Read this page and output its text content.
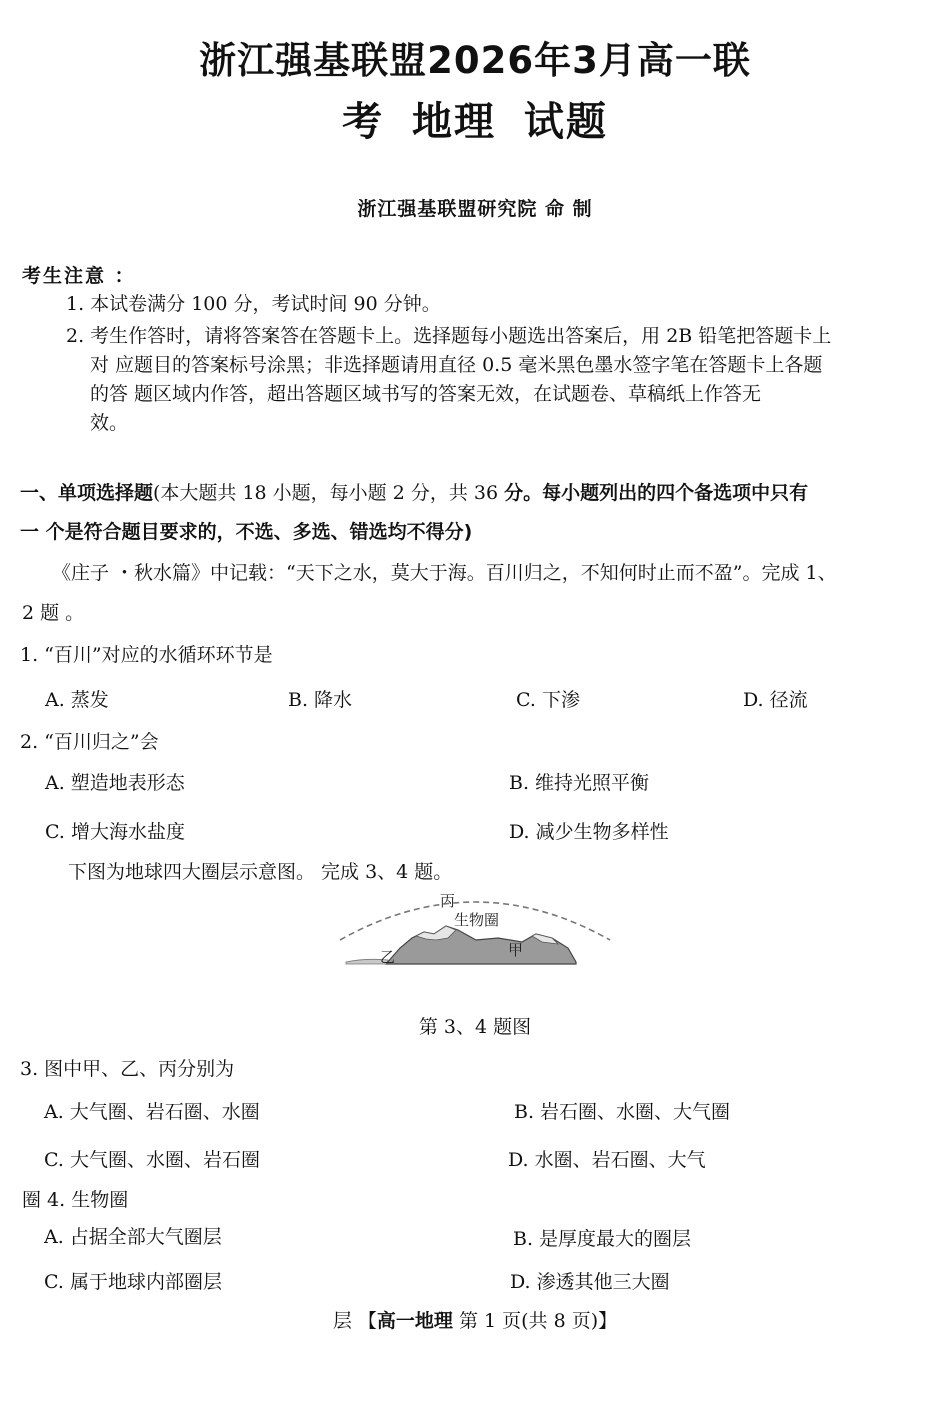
浙江强基联盟2026年3月高一联
考 地理 试题
浙江强基联盟研究院 命 制
考生注意 ：
1. 本试卷满分 100 分，考试时间 90 分钟。
2. 考生作答时，请将答案答在答题卡上。选择题每小题选出答案后，用 2B 铅笔把答题卡上
对 应题目的答案标号涂黑；非选择题请用直径 0.5 毫米黑色墨水签字笔在答题卡上各题
的答 题区域内作答，超出答题区域书写的答案无效，在试题卷、草稿纸上作答无
效。
一、单项选择题(本大题共 18 小题，每小题 2 分，共 36 分。每小题列出的四个备选项中只有
一 个是符合题目要求的，不选、多选、错选均不得分)
《庄子 ・秋水篇》中记载：“天下之水，莫大于海。百川归之，不知何时止而不盈”。完成 1、
2 题 。
1. “百川”对应的水循环环节是
A. 蒸发	B. 降水	C. 下渗	D. 径流
2. “百川归之”会
A. 塑造地表形态	B. 维持光照平衡
C. 增大海水盐度	D. 减少生物多样性
下图为地球四大圈层示意图。 完成 3、4 题。
丙
生物圈
乙	甲
第 3、4 题图
3. 图中甲、乙、丙分别为
A. 大气圈、岩石圈、水圈	B. 岩石圈、水圈、大气圈
C. 大气圈、水圈、岩石圈	D. 水圈、岩石圈、大气
圈 4. 生物圈
A. 占据全部大气圈层	B. 是厚度最大的圈层
C. 属于地球内部圈层	D. 渗透其他三大圈
层 【高一地理 第 1 页(共 8 页)】
